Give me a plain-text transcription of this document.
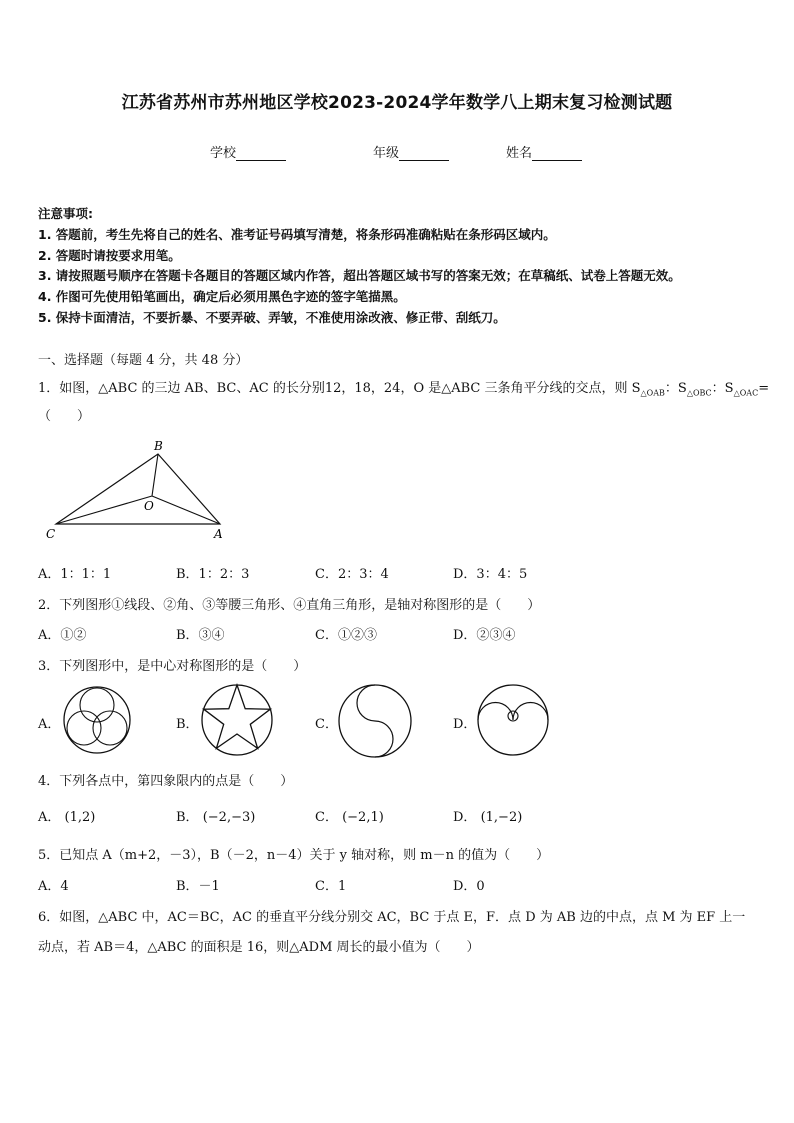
江苏省苏州市苏州地区学校2023-2024学年数学八上期末复习检测试题
学校	年级	姓名
注意事项:
1. 答题前，考生先将自己的姓名、准考证号码填写清楚，将条形码准确粘贴在条形码区域内。
2. 答题时请按要求用笔。
3. 请按照题号顺序在答题卡各题目的答题区域内作答，超出答题区域书写的答案无效；在草稿纸、试卷上答题无效。
4. 作图可先使用铅笔画出，确定后必须用黑色字迹的签字笔描黑。
5. 保持卡面清洁，不要折暴、不要弄破、弄皱，不准使用涂改液、修正带、刮纸刀。
一、选择题（每题 4 分，共 48 分）
1．如图，△ABC 的三边 AB、BC、AC 的长分别12，18，24，O 是△ABC 三条角平分线的交点，则 $S_{\triangle OAB}$：$S_{\triangle OBC}$：$S_{\triangle OAC}=$
（　　）
B
O
C	A
A．1：1：1	B．1：2：3	C．2：3：4	D．3：4：5
2．下列图形①线段、②角、③等腰三角形、④直角三角形，是轴对称图形的是（　　）
A．①②	B．③④	C．①②③	D．②③④
3．下列图形中，是中心对称图形的是（　　）
A．	B．	C．	D．
4．下列各点中，第四象限内的点是（　　）
A． (1,2)	B． (−2,−3)	C． (−2,1)	D． (1,−2)
5．已知点 A（m+2，－3），B（－2，n－4）关于 y 轴对称，则 m－n 的值为（　　）
A．4	B．－1	C．1	D．0
6．如图，△ABC 中，AC＝BC，AC 的垂直平分线分别交 AC，BC 于点 E，F．点 D 为 AB 边的中点，点 M 为 EF 上一
动点，若 AB＝4，△ABC 的面积是 16，则△ADM 周长的最小值为（　　）
